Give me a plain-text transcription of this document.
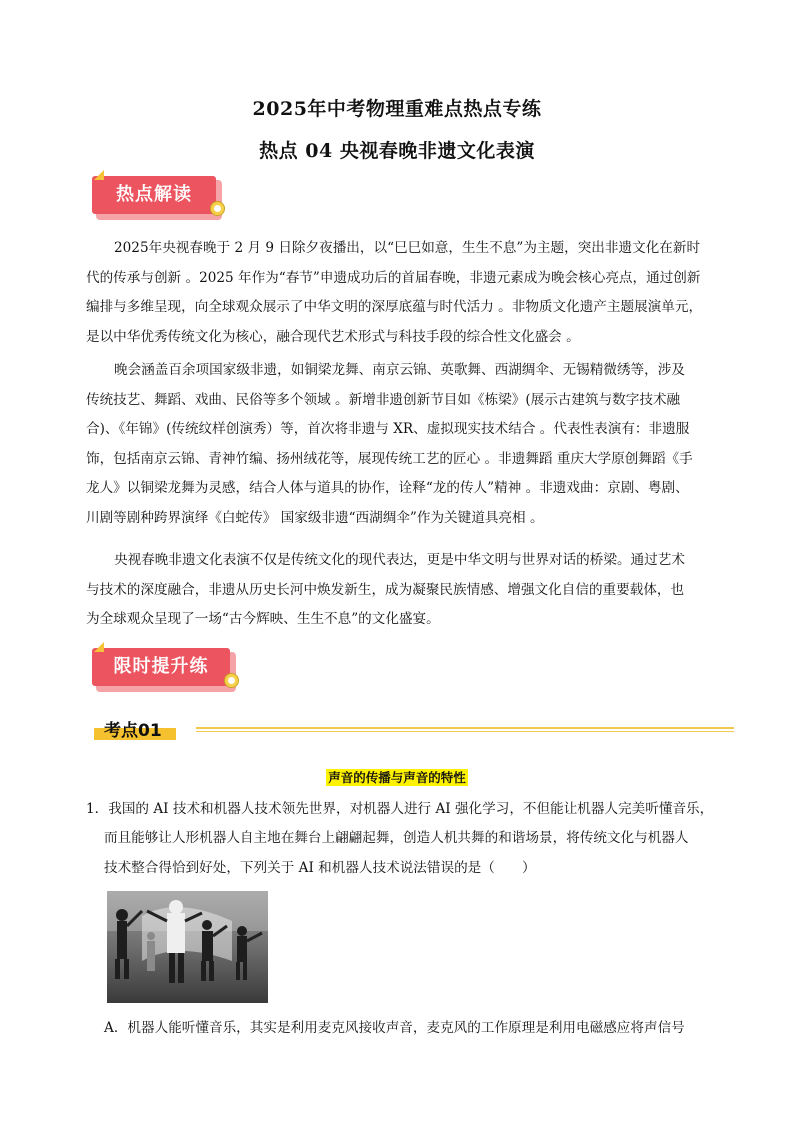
2025年中考物理重难点热点专练
热点 04 央视春晚非遗文化表演
热点解读
2025年央视春晚于 2 月 9 日除夕夜播出，以“巳巳如意，生生不息”为主题，突出非遗文化在新时
代的传承与创新 。2025 年作为“春节”申遗成功后的首届春晚，非遗元素成为晚会核心亮点，通过创新
编排与多维呈现，向全球观众展示了中华文明的深厚底蕴与时代活力 。非物质文化遗产主题展演单元，
是以中华优秀传统文化为核心，融合现代艺术形式与科技手段的综合性文化盛会 。
晚会涵盖百余项国家级非遗，如铜梁龙舞、南京云锦、英歌舞、西湖绸伞、无锡精微绣等，涉及
传统技艺、舞蹈、戏曲、民俗等多个领域 。新增非遗创新节目如《栋梁》(展示古建筑与数字技术融
合)、《年锦》(传统纹样创演秀）等，首次将非遗与 XR、虚拟现实技术结合 。代表性表演有：非遗服
饰，包括南京云锦、青神竹编、扬州绒花等，展现传统工艺的匠心 。非遗舞蹈 重庆大学原创舞蹈《手
龙人》以铜梁龙舞为灵感，结合人体与道具的协作，诠释“龙的传人”精神 。非遗戏曲：京剧、粤剧、
川剧等剧种跨界演绎《白蛇传》 国家级非遗“西湖绸伞”作为关键道具亮相 。
央视春晚非遗文化表演不仅是传统文化的现代表达，更是中华文明与世界对话的桥梁。通过艺术
与技术的深度融合，非遗从历史长河中焕发新生，成为凝聚民族情感、增强文化自信的重要载体，也
为全球观众呈现了一场“古今辉映、生生不息”的文化盛宴。
限时提升练
考点01
声音的传播与声音的特性
1．我国的 AI 技术和机器人技术领先世界，对机器人进行 AI 强化学习，不但能让机器人完美听懂音乐，
而且能够让人形机器人自主地在舞台上翩翩起舞，创造人机共舞的和谐场景，将传统文化与机器人
技术整合得恰到好处，下列关于 AI 和机器人技术说法错误的是（　　）
A．机器人能听懂音乐，其实是利用麦克风接收声音，麦克风的工作原理是利用电磁感应将声信号
